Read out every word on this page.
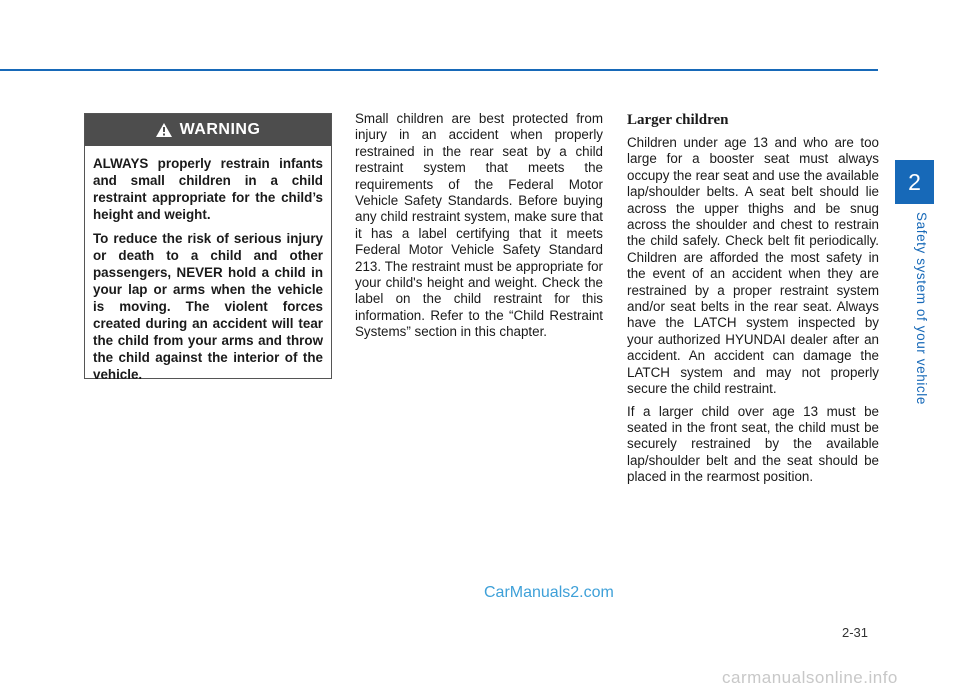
2
Safety system of your vehicle
WARNING

ALWAYS properly restrain infants and small children in a child restraint appropriate for the child’s height and weight.

To reduce the risk of serious injury or death to a child and other passengers, NEVER hold a child in your lap or arms when the vehicle is moving. The violent forces created during an accident will tear the child from your arms and throw the child against the interior of the vehicle.

Small children are best protected from injury in an accident when properly restrained in the rear seat by a child restraint system that meets the requirements of the Federal Motor Vehicle Safety Standards. Before buying any child restraint system, make sure that it has a label certifying that it meets Federal Motor Vehicle Safety Standard 213. The restraint must be appropriate for your child's height and weight. Check the label on the child restraint for this information. Refer to the “Child Restraint Systems” section in this chapter.

Larger children

Children under age 13 and who are too large for a booster seat must always occupy the rear seat and use the available lap/shoulder belts. A seat belt should lie across the upper thighs and be snug across the shoulder and chest to restrain the child safely. Check belt fit periodically. Children are afforded the most safety in the event of an accident when they are restrained by a proper restraint system and/or seat belts in the rear seat. Always have the LATCH system inspected by your authorized HYUNDAI dealer after an accident. An accident can damage the LATCH system and may not properly secure the child restraint.

If a larger child over age 13 must be seated in the front seat, the child must be securely restrained by the available lap/shoulder belt and the seat should be placed in the rearmost position.

CarManuals2.com
2-31
carmanualsonline.info
